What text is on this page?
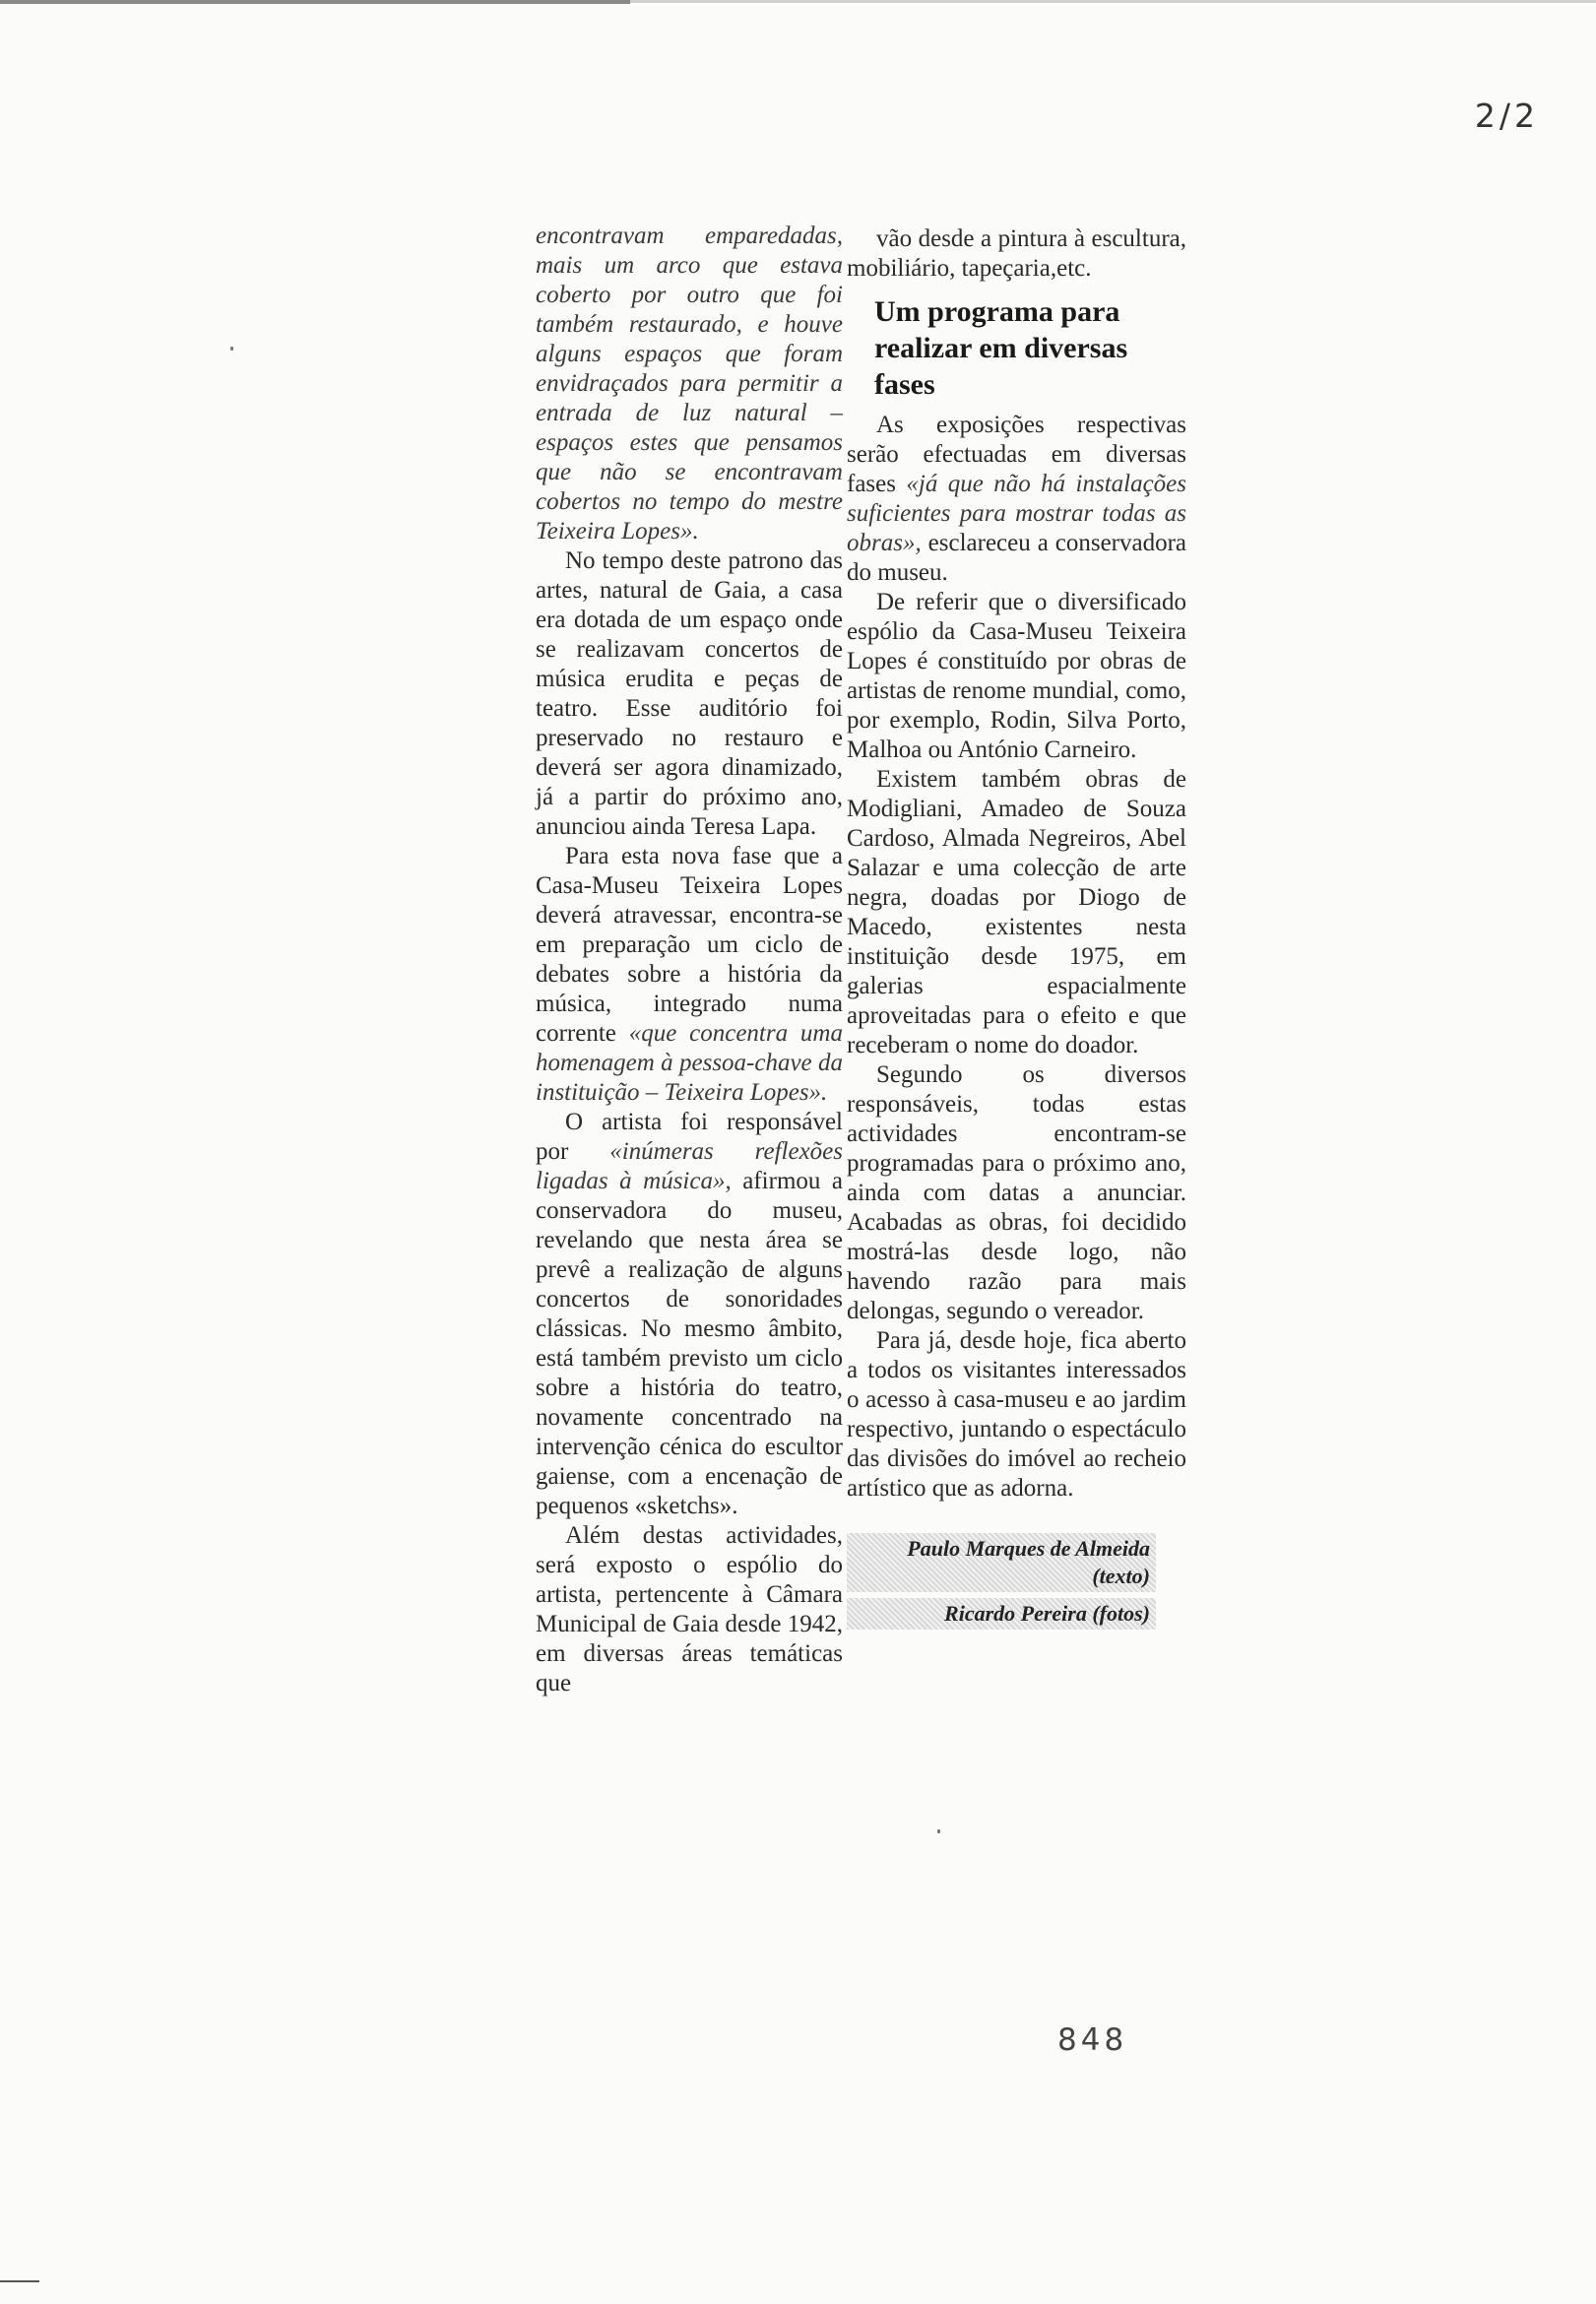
2/2

encontravam emparedadas, mais um arco que estava coberto por outro que foi também restaurado, e houve alguns espaços que foram envidraçados para permitir a entrada de luz natural – espaços estes que pensamos que não se encontravam cobertos no tempo do mestre Teixeira Lopes».

No tempo deste patrono das artes, natural de Gaia, a casa era dotada de um espaço onde se realizavam concertos de música erudita e peças de teatro. Esse auditório foi preservado no restauro e deverá ser agora dinamizado, já a partir do próximo ano, anunciou ainda Teresa Lapa.

Para esta nova fase que a Casa-Museu Teixeira Lopes deverá atravessar, encontra-se em preparação um ciclo de debates sobre a história da música, integrado numa corrente «que concentra uma homenagem à pessoa-chave da instituição – Teixeira Lopes».

O artista foi responsável por «inúmeras reflexões ligadas à música», afirmou a conservadora do museu, revelando que nesta área se prevê a realização de alguns concertos de sonoridades clássicas. No mesmo âmbito, está também previsto um ciclo sobre a história do teatro, novamente concentrado na intervenção cénica do escultor gaiense, com a encenação de pequenos «sketchs».

Além destas actividades, será exposto o espólio do artista, pertencente à Câmara Municipal de Gaia desde 1942, em diversas áreas temáticas que

vão desde a pintura à escultura, mobiliário, tapeçaria,etc.

Um programa para realizar em diversas fases

As exposições respectivas serão efectuadas em diversas fases «já que não há instalações suficientes para mostrar todas as obras», esclareceu a conservadora do museu.

De referir que o diversificado espólio da Casa-Museu Teixeira Lopes é constituído por obras de artistas de renome mundial, como, por exemplo, Rodin, Silva Porto, Malhoa ou António Carneiro.

Existem também obras de Modigliani, Amadeo de Souza Cardoso, Almada Negreiros, Abel Salazar e uma colecção de arte negra, doadas por Diogo de Macedo, existentes nesta instituição desde 1975, em galerias espacialmente aproveitadas para o efeito e que receberam o nome do doador.

Segundo os diversos responsáveis, todas estas actividades encontram-se programadas para o próximo ano, ainda com datas a anunciar. Acabadas as obras, foi decidido mostrá-las desde logo, não havendo razão para mais delongas, segundo o vereador.

Para já, desde hoje, fica aberto a todos os visitantes interessados o acesso à casa-museu e ao jardim respectivo, juntando o espectáculo das divisões do imóvel ao recheio artístico que as adorna.

Paulo Marques de Almeida (texto)
Ricardo Pereira (fotos)
848
